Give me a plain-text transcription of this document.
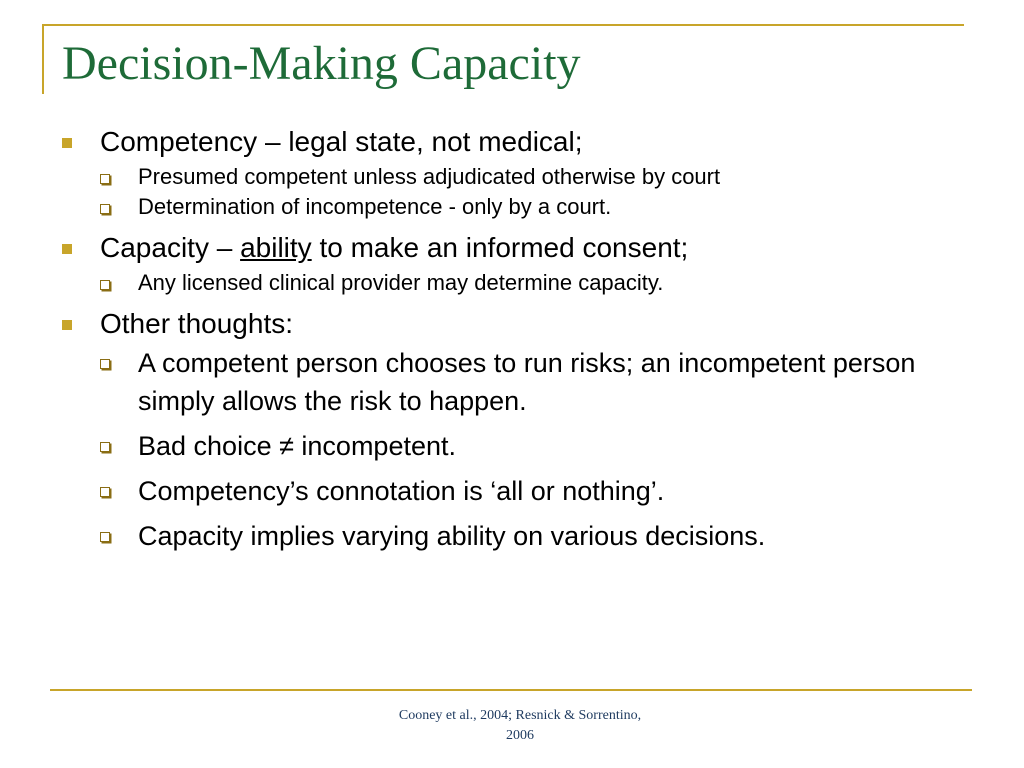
Decision-Making Capacity
Competency – legal state, not medical;
Presumed competent unless adjudicated otherwise by court
Determination of incompetence - only by a court.
Capacity – ability to make an informed consent;
Any licensed clinical provider may determine capacity.
Other thoughts:
A competent person chooses to run risks; an incompetent person simply allows the risk to happen.
Bad choice ≠ incompetent.
Competency’s connotation is ‘all or nothing’.
Capacity implies varying ability on various decisions.
Cooney et al., 2004; Resnick & Sorrentino,
2006
